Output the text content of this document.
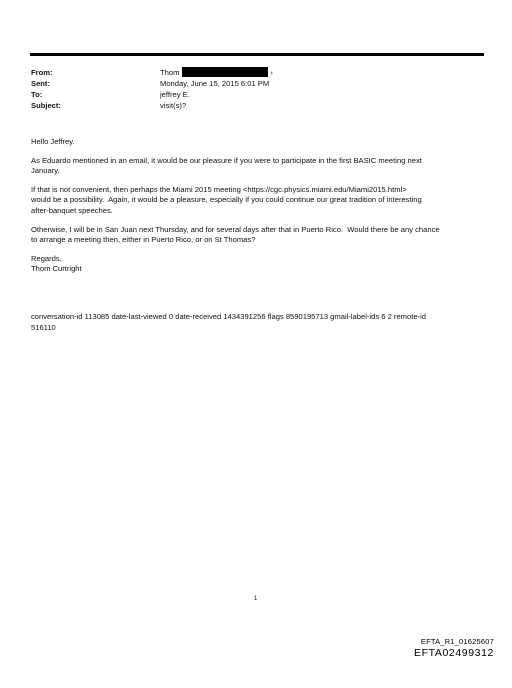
From:	Thom	›
Sent:	Monday, June 15, 2015 6:01 PM
To:	jeffrey E.
Subject:	visit(s)?

Hello Jeffrey.

As Eduardo mentioned in an email, it would be our pleasure if you were to participate in the first BASIC meeting next
January.

If that is not convenient, then perhaps the Miami 2015 meeting <https://cgc.physics.miami.edu/Miami2015.html>
would be a possibility.  Again, it would be a pleasure, especially if you could continue our great tradition of interesting
after-banquet speeches.

Otherwise, I will be in San Juan next Thursday, and for several days after that in Puerto Rico.  Would there be any chance
to arrange a meeting then, either in Puerto Rico, or on St Thomas?

Regards,
Thom Curtright

conversation-id 113085 date-last-viewed 0 date-received 1434391256 flags 8590195713 gmail-label-ids 6 2 remote-id
516110

1
EFTA_R1_01625607
EFTA02499312
